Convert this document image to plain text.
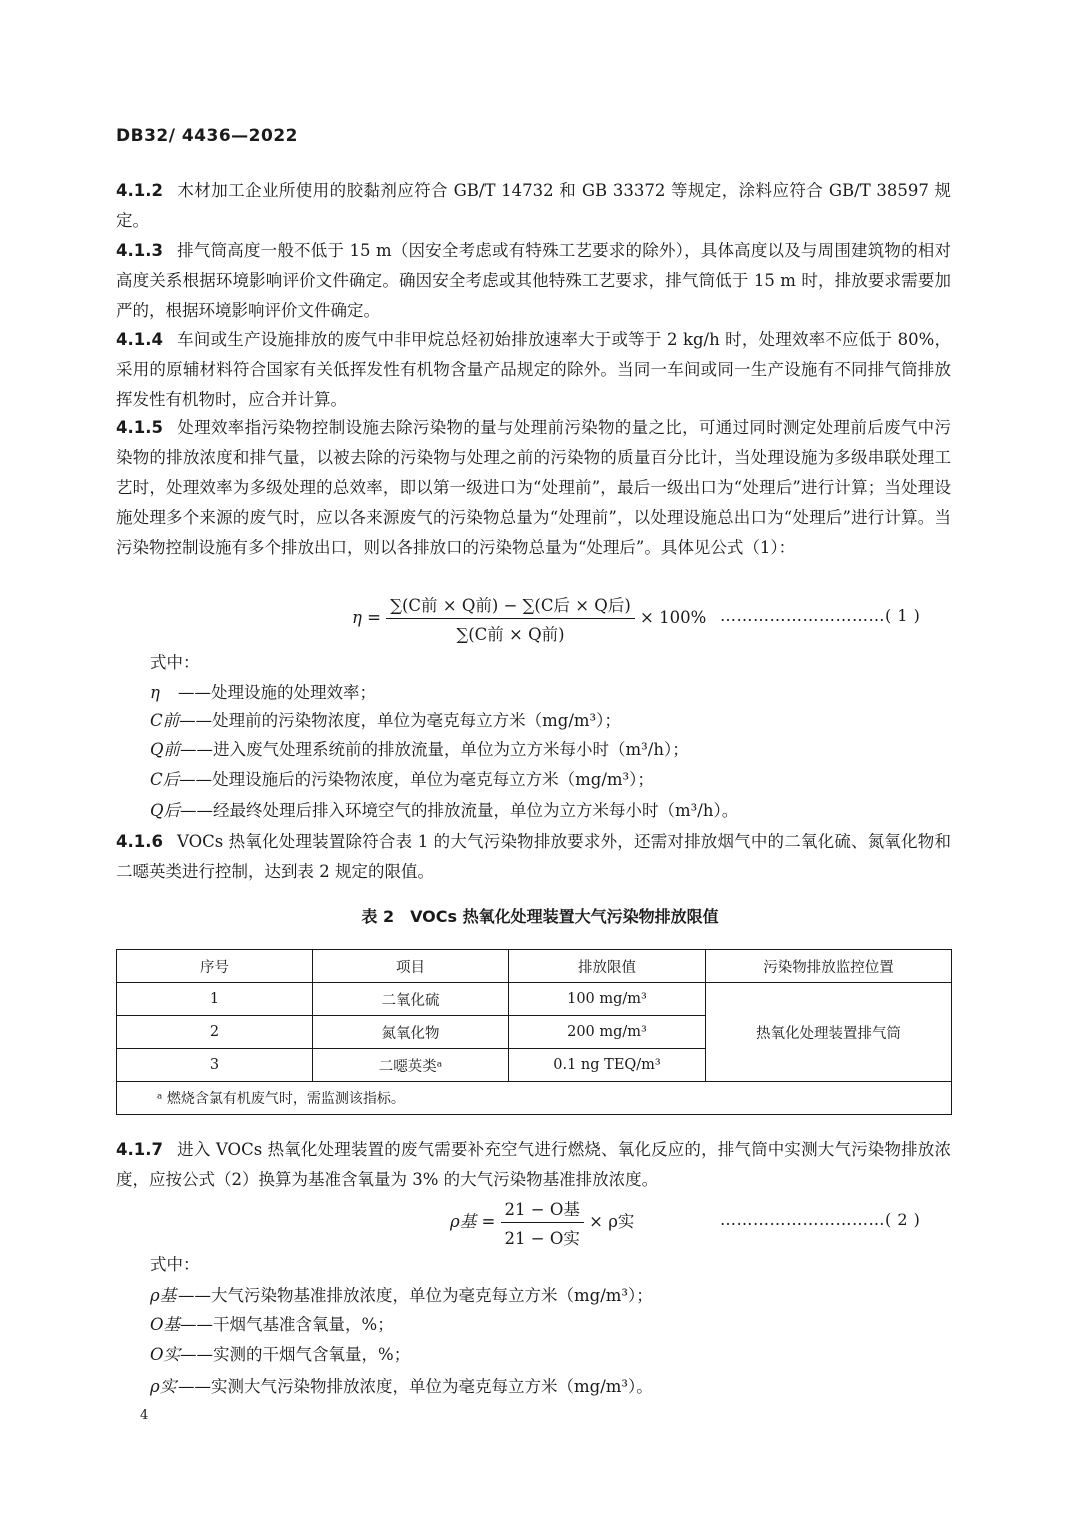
DB32/ 4436—2022
4.1.2 木材加工企业所使用的胶黏剂应符合 GB/T 14732 和 GB 33372 等规定，涂料应符合 GB/T 38597 规定。
4.1.3 排气筒高度一般不低于 15 m（因安全考虑或有特殊工艺要求的除外），具体高度以及与周围建筑物的相对高度关系根据环境影响评价文件确定。确因安全考虑或其他特殊工艺要求，排气筒低于 15 m 时，排放要求需要加严的，根据环境影响评价文件确定。
4.1.4 车间或生产设施排放的废气中非甲烷总烃初始排放速率大于或等于 2 kg/h 时，处理效率不应低于 80%，采用的原辅材料符合国家有关低挥发性有机物含量产品规定的除外。当同一车间或同一生产设施有不同排气筒排放挥发性有机物时，应合并计算。
4.1.5 处理效率指污染物控制设施去除污染物的量与处理前污染物的量之比，可通过同时测定处理前后废气中污染物的排放浓度和排气量，以被去除的污染物与处理之前的污染物的质量百分比计，当处理设施为多级串联处理工艺时，处理效率为多级处理的总效率，即以第一级进口为“处理前”，最后一级出口为“处理后”进行计算；当处理设施处理多个来源的废气时，应以各来源废气的污染物总量为“处理前”，以处理设施总出口为“处理后”进行计算。当污染物控制设施有多个排放出口，则以各排放口的污染物总量为“处理后”。具体见公式（1）：
$\eta = \frac{\text{∑(C前 × Q前) − ∑(C后 × Q后)}}{\text{∑(C前 × Q前)}} \times 100\%$ …………………………( 1 )
式中：
η ——处理设施的处理效率；
C前——处理前的污染物浓度，单位为毫克每立方米（mg/m³）；
Q前——进入废气处理系统前的排放流量，单位为立方米每小时（m³/h）；
C后——处理设施后的污染物浓度，单位为毫克每立方米（mg/m³）；
Q后——经最终处理后排入环境空气的排放流量，单位为立方米每小时（m³/h）。
4.1.6 VOCs 热氧化处理装置除符合表 1 的大气污染物排放要求外，还需对排放烟气中的二氧化硫、氮氧化物和二噁英类进行控制，达到表 2 规定的限值。
表 2　VOCs 热氧化处理装置大气污染物排放限值
序号	项目	排放限值	污染物排放监控位置
1	二氧化硫	100 mg/m³	热氧化处理装置排气筒
2	氮氧化物	200 mg/m³	
3	二噁英类ᵃ	0.1 ng TEQ/m³	
ᵃ 燃烧含氯有机废气时，需监测该指标。			
4.1.7 进入 VOCs 热氧化处理装置的废气需要补充空气进行燃烧、氧化反应的，排气筒中实测大气污染物排放浓度，应按公式（2）换算为基准含氧量为 3% 的大气污染物基准排放浓度。
ρ基 = $\frac{\text{21 − O基}}{\text{21 − O实}} \times \rho$实	…………………………( 2 )
式中：
ρ基 ——大气污染物基准排放浓度，单位为毫克每立方米（mg/m³）；
O基——干烟气基准含氧量，%；
O实——实测的干烟气含氧量，%；
ρ实 ——实测大气污染物排放浓度，单位为毫克每立方米（mg/m³）。
4
